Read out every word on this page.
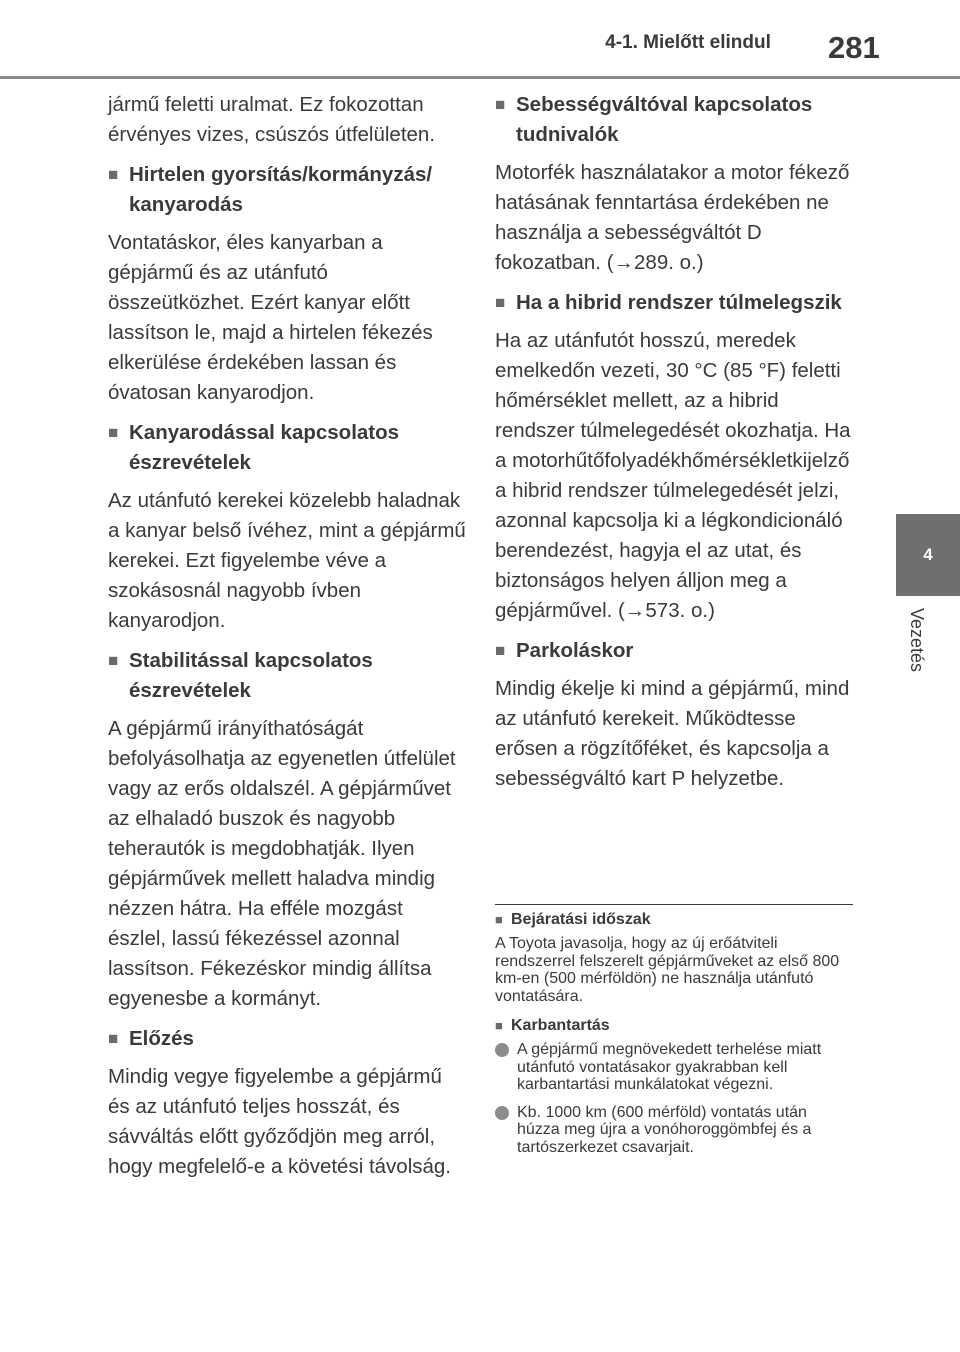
4-1. Mielőtt elindul	281
4
Vezetés

jármű feletti uralmat. Ez fokozottan érvényes vizes, csúszós útfelületen.

■ Hirtelen gyorsítás/kormányzás/ kanyarodás

Vontatáskor, éles kanyarban a gépjármű és az utánfutó összeütközhet. Ezért kanyar előtt lassítson le, majd a hirtelen fékezés elkerülése érdekében lassan és óvatosan kanyarodjon.

■ Kanyarodással kapcsolatos észrevételek

Az utánfutó kerekei közelebb haladnak a kanyar belső ívéhez, mint a gépjármű kerekei. Ezt figyelembe véve a szokásosnál nagyobb ívben kanyarodjon.

■ Stabilitással kapcsolatos észrevételek

A gépjármű irányíthatóságát befolyásolhatja az egyenetlen útfelület vagy az erős oldalszél. A gépjárművet az elhaladó buszok és nagyobb teherautók is megdobhatják. Ilyen gépjárművek mellett haladva mindig nézzen hátra. Ha efféle mozgást észlel, lassú fékezéssel azonnal lassítson. Fékezéskor mindig állítsa egyenesbe a kormányt.

■ Előzés

Mindig vegye figyelembe a gépjármű és az utánfutó teljes hosszát, és sávváltás előtt győződjön meg arról, hogy megfelelő-e a követési távolság.

■ Sebességváltóval kapcsolatos tudnivalók

Motorfék használatakor a motor fékező hatásának fenntartása érdekében ne használja a sebességváltót D fokozatban. (→289. o.)

■ Ha a hibrid rendszer túlmelegszik

Ha az utánfutót hosszú, meredek emelkedőn vezeti, 30 °C (85 °F) feletti hőmérséklet mellett, az a hibrid rendszer túlmelegedését okozhatja. Ha a motorhűtőfolyadékhőmérsékletkijelző a hibrid rendszer túlmelegedését jelzi, azonnal kapcsolja ki a légkondicionáló berendezést, hagyja el az utat, és biztonságos helyen álljon meg a gépjárművel. (→573. o.)

■ Parkoláskor

Mindig ékelje ki mind a gépjármű, mind az utánfutó kerekeit. Működtesse erősen a rögzítőféket, és kapcsolja a sebességváltó kart P helyzetbe.

■ Bejáratási időszak

A Toyota javasolja, hogy az új erőátviteli rendszerrel felszerelt gépjárműveket az első 800 km-en (500 mérföldön) ne használja utánfutó vontatására.

■ Karbantartás
A gépjármű megnövekedett terhelése miatt utánfutó vontatásakor gyakrabban kell karbantartási munkálatokat végezni.
Kb. 1000 km (600 mérföld) vontatás után húzza meg újra a vonóhoroggömbfej és a tartószerkezet csavarjait.
